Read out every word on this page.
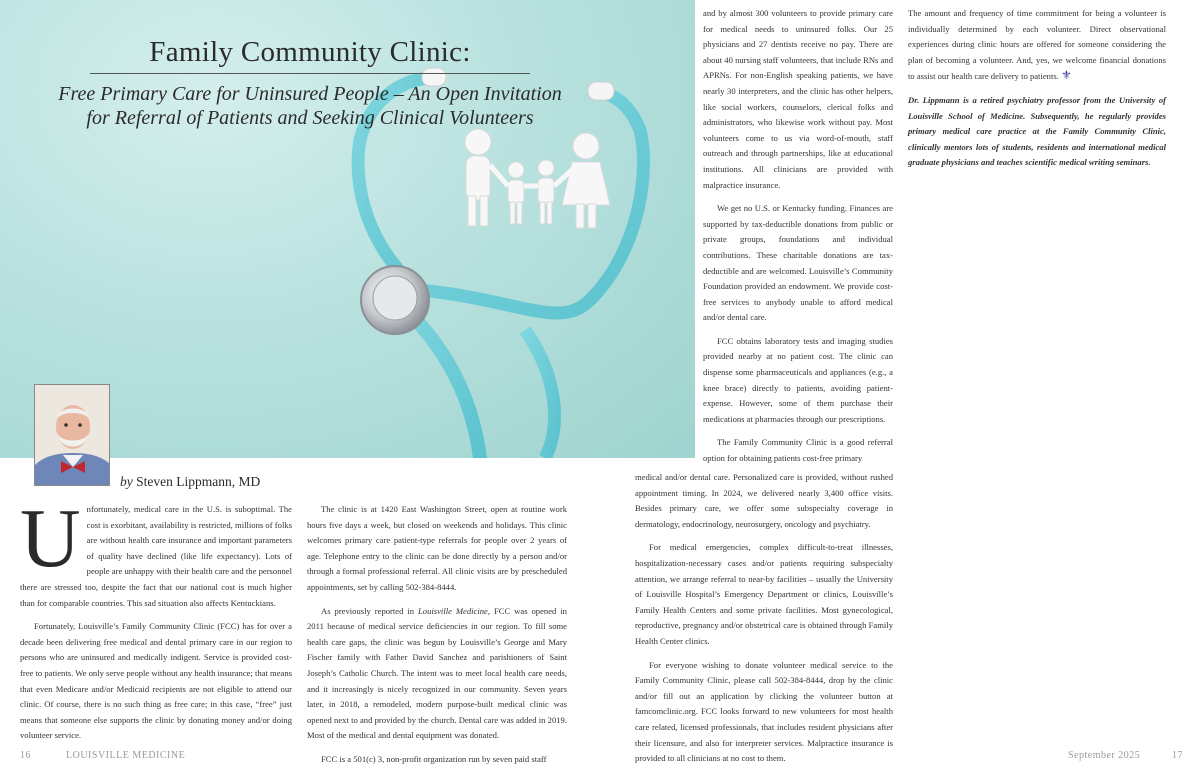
Family Community Clinic:
Free Primary Care for Uninsured People – An Open Invitation
for Referral of Patients and Seeking Clinical Volunteers
by Steven Lippmann, MD

Unfortunately, medical care in the U.S. is suboptimal. The cost is exorbitant, availability is restricted, millions of folks are without health care insurance and important parameters of quality have declined (like life expectancy). Lots of people are unhappy with their health care and the personnel there are stressed too, despite the fact that our national cost is much higher than for comparable countries. This sad situation also affects Kentuckians.

Fortunately, Louisville’s Family Community Clinic (FCC) has for over a decade been delivering free medical and dental primary care in our region to persons who are uninsured and medically indigent. Service is provided cost-free to patients. We only serve people without any health insurance; that means that even Medicare and/or Medicaid recipients are not eligible to attend our clinic. Of course, there is no such thing as free care; in this case, “free” just means that someone else supports the clinic by donating money and/or doing volunteer service.

The clinic is at 1420 East Washington Street, open at routine work hours five days a week, but closed on weekends and holidays. This clinic welcomes primary care patient-type referrals for people over 2 years of age. Telephone entry to the clinic can be done directly by a person and/or through a formal professional referral. All clinic visits are by prescheduled appointments, set by calling 502-384-8444.

As previously reported in Louisville Medicine, FCC was opened in 2011 because of medical service deficiencies in our region. To fill some health care gaps, the clinic was begun by Louisville’s George and Mary Fischer family with Father David Sanchez and parishioners of Saint Joseph’s Catholic Church. The intent was to meet local health care needs, and it increasingly is nicely recognized in our community. Seven years later, in 2018, a remodeled, modern purpose-built medical clinic was opened next to and provided by the church. Dental care was added in 2019. Most of the medical and dental equipment was donated.

FCC is a 501(c) 3, non-profit organization run by seven paid staff

and by almost 300 volunteers to provide primary care for medical needs to uninsured folks. Our 25 physicians and 27 dentists receive no pay. There are about 40 nursing staff volunteers, that include RNs and APRNs. For non-English speaking patients, we have nearly 30 interpreters, and the clinic has other helpers, like social workers, counselors, clerical folks and administrators, who likewise work without pay. Most volunteers come to us via word-of-mouth, staff outreach and through partnerships, like at educational institutions. All clinicians are provided with malpractice insurance.

We get no U.S. or Kentucky funding. Finances are supported by tax-deductible donations from public or private groups, foundations and individual contributions. These charitable donations are tax-deductible and are welcomed. Louisville’s Community Foundation provided an endowment. We provide cost-free services to anybody unable to afford medical and/or dental care.

FCC obtains laboratory tests and imaging studies provided nearby at no patient cost. The clinic can dispense some pharmaceuticals and appliances (e.g., a knee brace) directly to patients, avoiding patient-expense. However, some of them purchase their medications at pharmacies through our prescriptions.

The Family Community Clinic is a good referral option for obtaining patients cost-free primary

medical and/or dental care. Personalized care is provided, without rushed appointment timing. In 2024, we delivered nearly 3,400 office visits. Besides primary care, we offer some subspecialty coverage in dermatology, endocrinology, neurosurgery, oncology and psychiatry.

For medical emergencies, complex difficult-to-treat illnesses, hospitalization-necessary cases and/or patients requiring subspecialty attention, we arrange referral to near-by facilities – usually the University of Louisville Hospital’s Emergency Department or clinics, Louisville’s Family Health Centers and some private facilities. Most gynecological, reproductive, pregnancy and/or obstetrical care is obtained through Family Health Center clinics.

For everyone wishing to donate volunteer medical service to the Family Community Clinic, please call 502-384-8444, drop by the clinic and/or fill out an application by clicking the volunteer button at famcomclinic.org. FCC looks forward to new volunteers for most health care related, licensed professionals, that includes resident physicians after their licensure, and also for interpreter services. Malpractice insurance is provided to all clinicians at no cost to them.

The amount and frequency of time commitment for being a volunteer is individually determined by each volunteer. Direct observational experiences during clinic hours are offered for someone considering the plan of becoming a volunteer. And, yes, we welcome financial donations to assist our health care delivery to patients. ⚜

Dr. Lippmann is a retired psychiatry professor from the University of Louisville School of Medicine. Subsequently, he regularly provides primary medical care practice at the Family Community Clinic, clinically mentors lots of students, residents and international medical graduate physicians and teaches scientific medical writing seminars.

16	LOUISVILLE MEDICINE	September 2025	17
